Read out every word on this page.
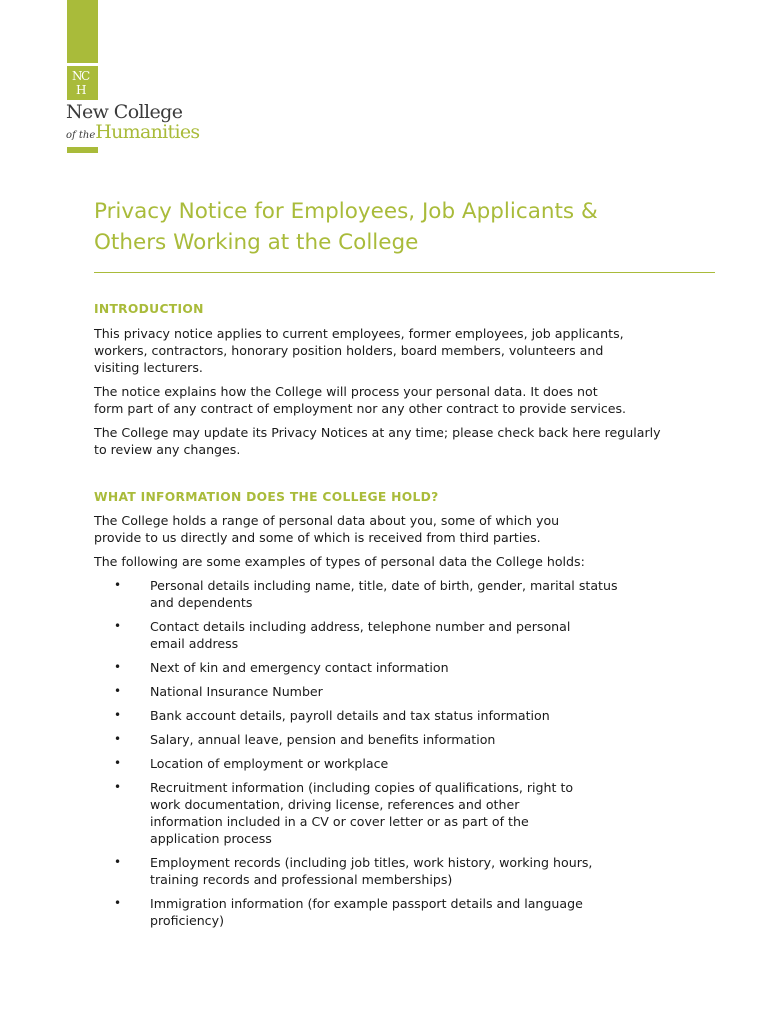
N
C
H
New College
of theHumanities
Privacy Notice for Employees, Job Applicants &
Others Working at the College
INTRODUCTION

This privacy notice applies to current employees, former employees, job applicants,
workers, contractors, honorary position holders, board members, volunteers and
visiting lecturers.

The notice explains how the College will process your personal data. It does not
form part of any contract of employment nor any other contract to provide services.

The College may update its Privacy Notices at any time; please check back here regularly
to review any changes.

WHAT INFORMATION DOES THE COLLEGE HOLD?

The College holds a range of personal data about you, some of which you
provide to us directly and some of which is received from third parties.

The following are some examples of types of personal data the College holds:

• Personal details including name, title, date of birth, gender, marital status
and dependents
• Contact details including address, telephone number and personal
email address
• Next of kin and emergency contact information
• National Insurance Number
• Bank account details, payroll details and tax status information
• Salary, annual leave, pension and benefits information
• Location of employment or workplace
• Recruitment information (including copies of qualifications, right to
work documentation, driving license, references and other
information included in a CV or cover letter or as part of the
application process
• Employment records (including job titles, work history, working hours,
training records and professional memberships)
• Immigration information (for example passport details and language
proficiency)
